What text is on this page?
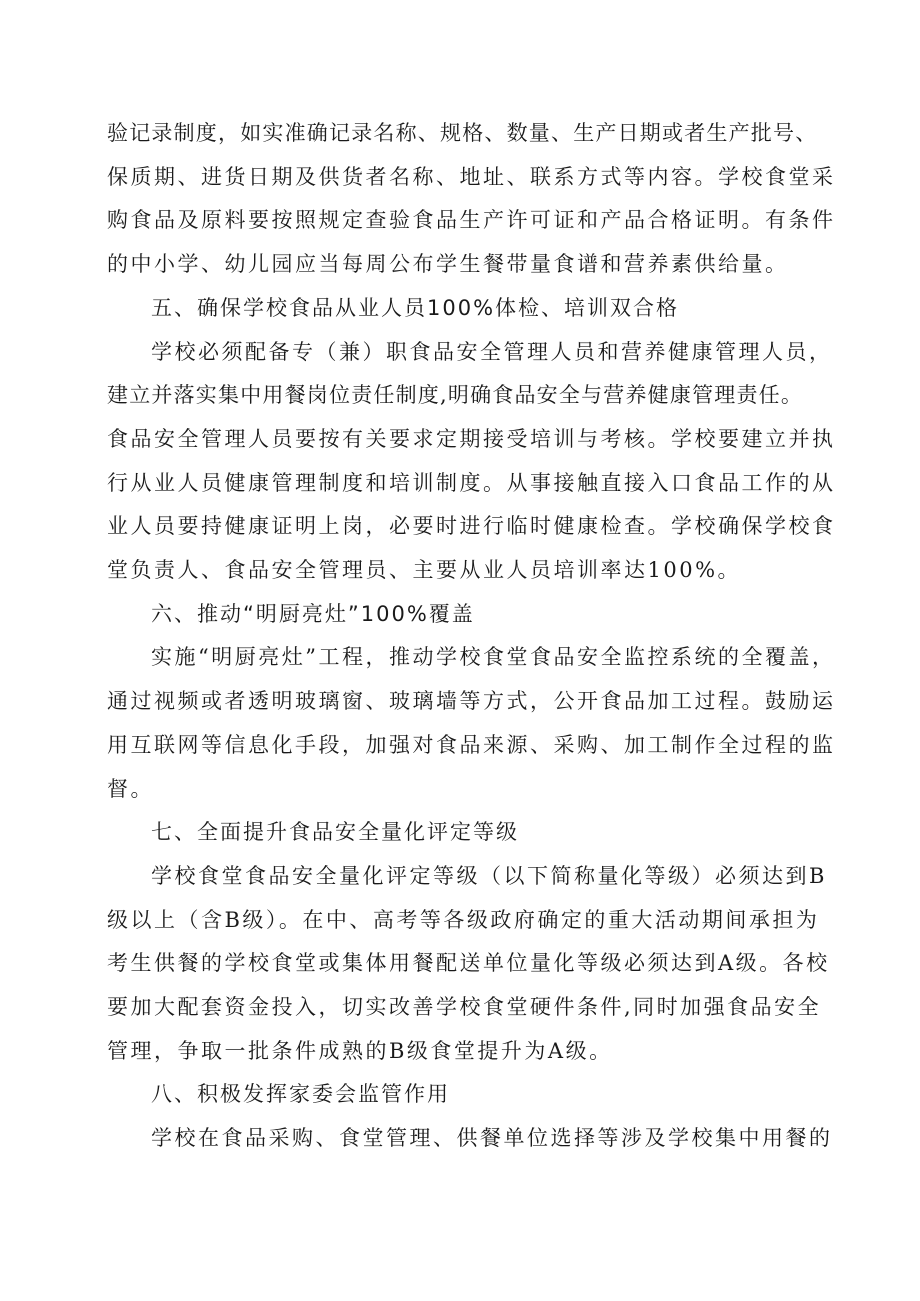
验记录制度，如实准确记录名称、规格、数量、生产日期或者生产批号、

保质期、进货日期及供货者名称、地址、联系方式等内容。学校食堂采

购食品及原料要按照规定查验食品生产许可证和产品合格证明。有条件

的中小学、幼儿园应当每周公布学生餐带量食谱和营养素供给量。

五、确保学校食品从业人员100%体检、培训双合格

学校必须配备专（兼）职食品安全管理人员和营养健康管理人员，

建立并落实集中用餐岗位责任制度,明确食品安全与营养健康管理责任。

食品安全管理人员要按有关要求定期接受培训与考核。学校要建立并执

行从业人员健康管理制度和培训制度。从事接触直接入口食品工作的从

业人员要持健康证明上岗，必要时进行临时健康检查。学校确保学校食

堂负责人、食品安全管理员、主要从业人员培训率达100%。

六、推动“明厨亮灶”100%覆盖

实施“明厨亮灶”工程，推动学校食堂食品安全监控系统的全覆盖，

通过视频或者透明玻璃窗、玻璃墙等方式，公开食品加工过程。鼓励运

用互联网等信息化手段，加强对食品来源、采购、加工制作全过程的监

督。

七、全面提升食品安全量化评定等级

学校食堂食品安全量化评定等级（以下简称量化等级）必须达到B

级以上（含B级）。在中、高考等各级政府确定的重大活动期间承担为

考生供餐的学校食堂或集体用餐配送单位量化等级必须达到A级。各校

要加大配套资金投入，切实改善学校食堂硬件条件,同时加强食品安全

管理，争取一批条件成熟的B级食堂提升为A级。

八、积极发挥家委会监管作用

学校在食品采购、食堂管理、供餐单位选择等涉及学校集中用餐的
